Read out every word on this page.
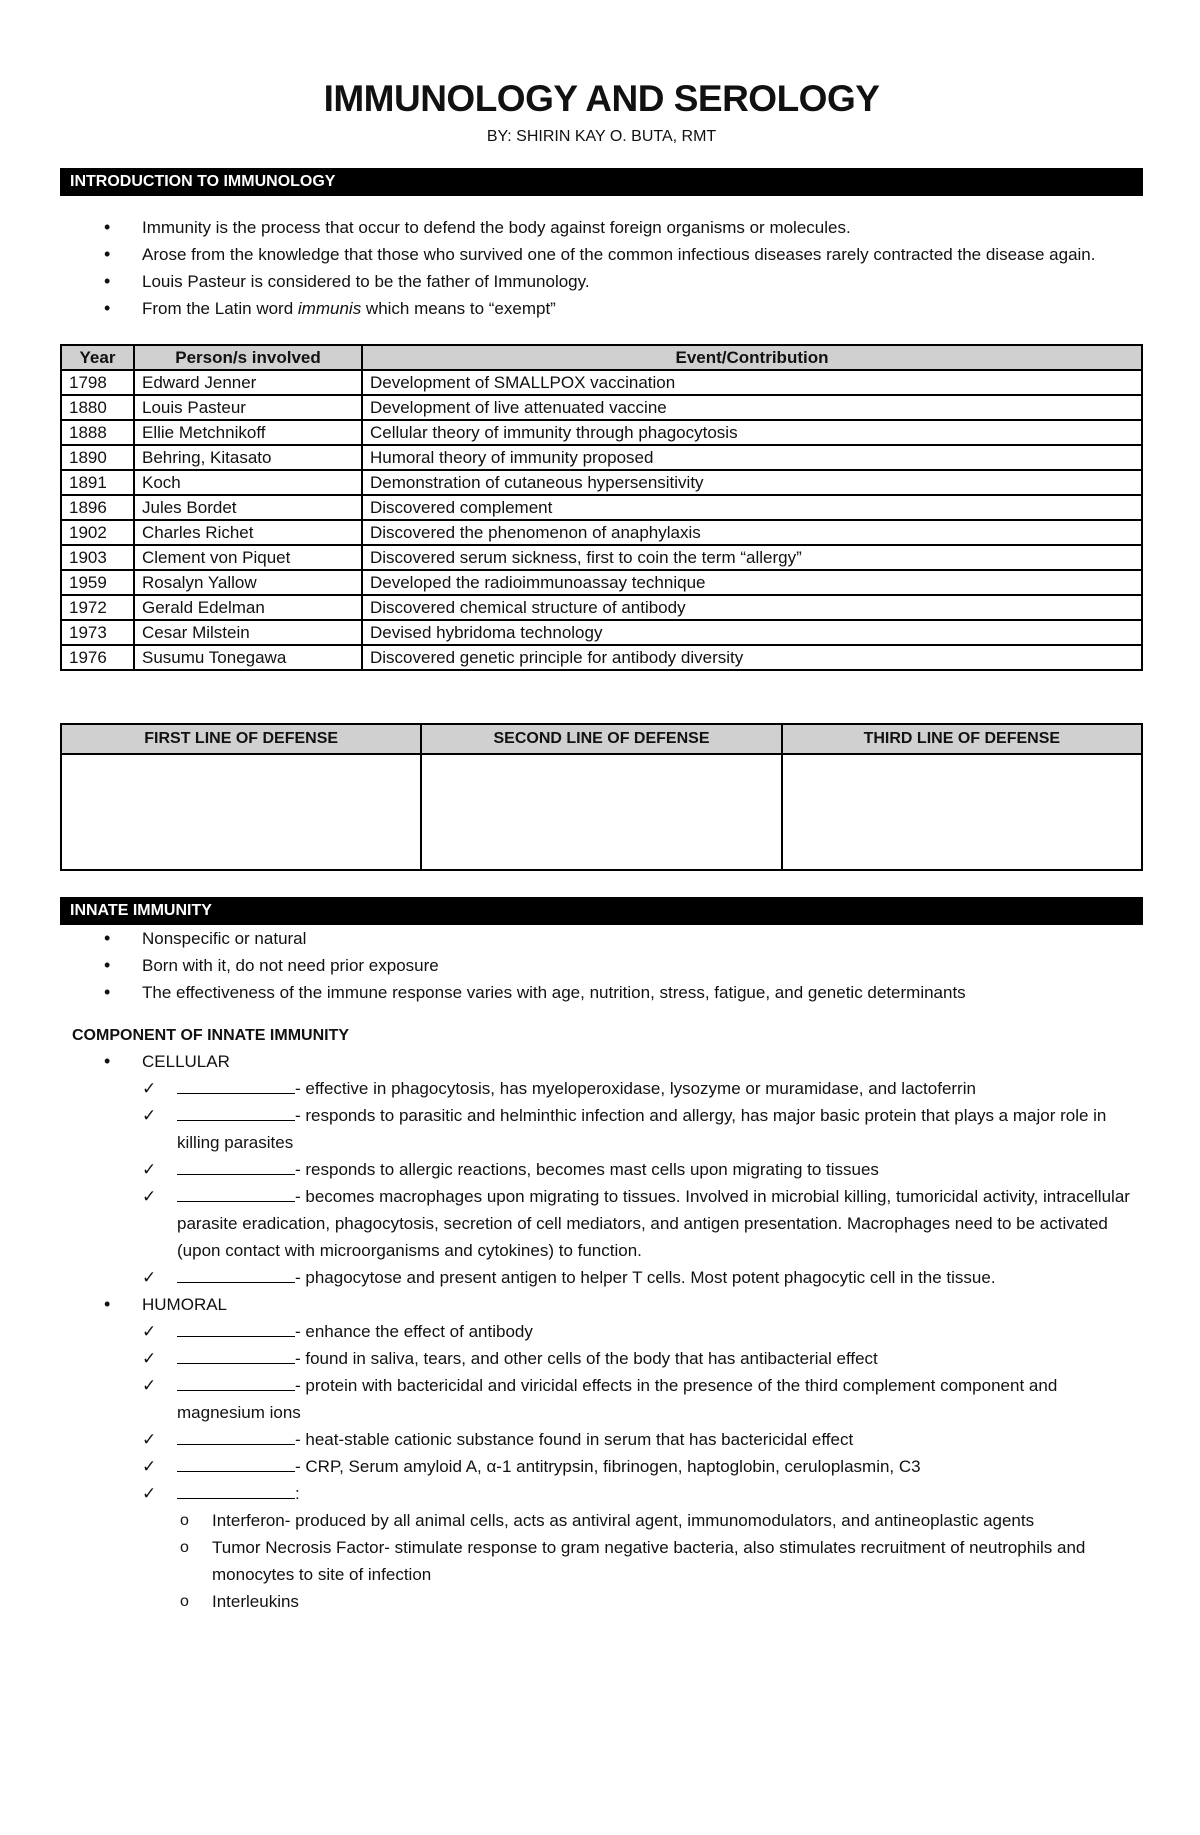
IMMUNOLOGY AND SEROLOGY
BY: SHIRIN KAY O. BUTA, RMT
INTRODUCTION TO IMMUNOLOGY
• Immunity is the process that occur to defend the body against foreign organisms or molecules.
• Arose from the knowledge that those who survived one of the common infectious diseases rarely contracted the disease again.
• Louis Pasteur is considered to be the father of Immunology.
• From the Latin word immunis which means to “exempt”
Year	Person/s involved	Event/Contribution
1798	Edward Jenner	Development of SMALLPOX vaccination
1880	Louis Pasteur	Development of live attenuated vaccine
1888	Ellie Metchnikoff	Cellular theory of immunity through phagocytosis
1890	Behring, Kitasato	Humoral theory of immunity proposed
1891	Koch	Demonstration of cutaneous hypersensitivity
1896	Jules Bordet	Discovered complement
1902	Charles Richet	Discovered the phenomenon of anaphylaxis
1903	Clement von Piquet	Discovered serum sickness, first to coin the term “allergy”
1959	Rosalyn Yallow	Developed the radioimmunoassay technique
1972	Gerald Edelman	Discovered chemical structure of antibody
1973	Cesar Milstein	Devised hybridoma technology
1976	Susumu Tonegawa	Discovered genetic principle for antibody diversity
FIRST LINE OF DEFENSE	SECOND LINE OF DEFENSE	THIRD LINE OF DEFENSE

INNATE IMMUNITY
• Nonspecific or natural
• Born with it, do not need prior exposure
• The effectiveness of the immune response varies with age, nutrition, stress, fatigue, and genetic determinants
COMPONENT OF INNATE IMMUNITY
• CELLULAR
✓	- effective in phagocytosis, has myeloperoxidase, lysozyme or muramidase, and lactoferrin
✓	- responds to parasitic and helminthic infection and allergy, has major basic protein that plays a major role in killing parasites
✓	- responds to allergic reactions, becomes mast cells upon migrating to tissues
✓	- becomes macrophages upon migrating to tissues. Involved in microbial killing, tumoricidal activity, intracellular parasite eradication, phagocytosis, secretion of cell mediators, and antigen presentation. Macrophages need to be activated (upon contact with microorganisms and cytokines) to function.
✓	- phagocytose and present antigen to helper T cells. Most potent phagocytic cell in the tissue.
• HUMORAL
✓	- enhance the effect of antibody
✓	- found in saliva, tears, and other cells of the body that has antibacterial effect
✓	- protein with bactericidal and viricidal effects in the presence of the third complement component and magnesium ions
✓	- heat-stable cationic substance found in serum that has bactericidal effect
✓	- CRP, Serum amyloid A, α-1 antitrypsin, fibrinogen, haptoglobin, ceruloplasmin, C3
✓	:
o Interferon- produced by all animal cells, acts as antiviral agent, immunomodulators, and antineoplastic agents
o Tumor Necrosis Factor- stimulate response to gram negative bacteria, also stimulates recruitment of neutrophils and monocytes to site of infection
o Interleukins
